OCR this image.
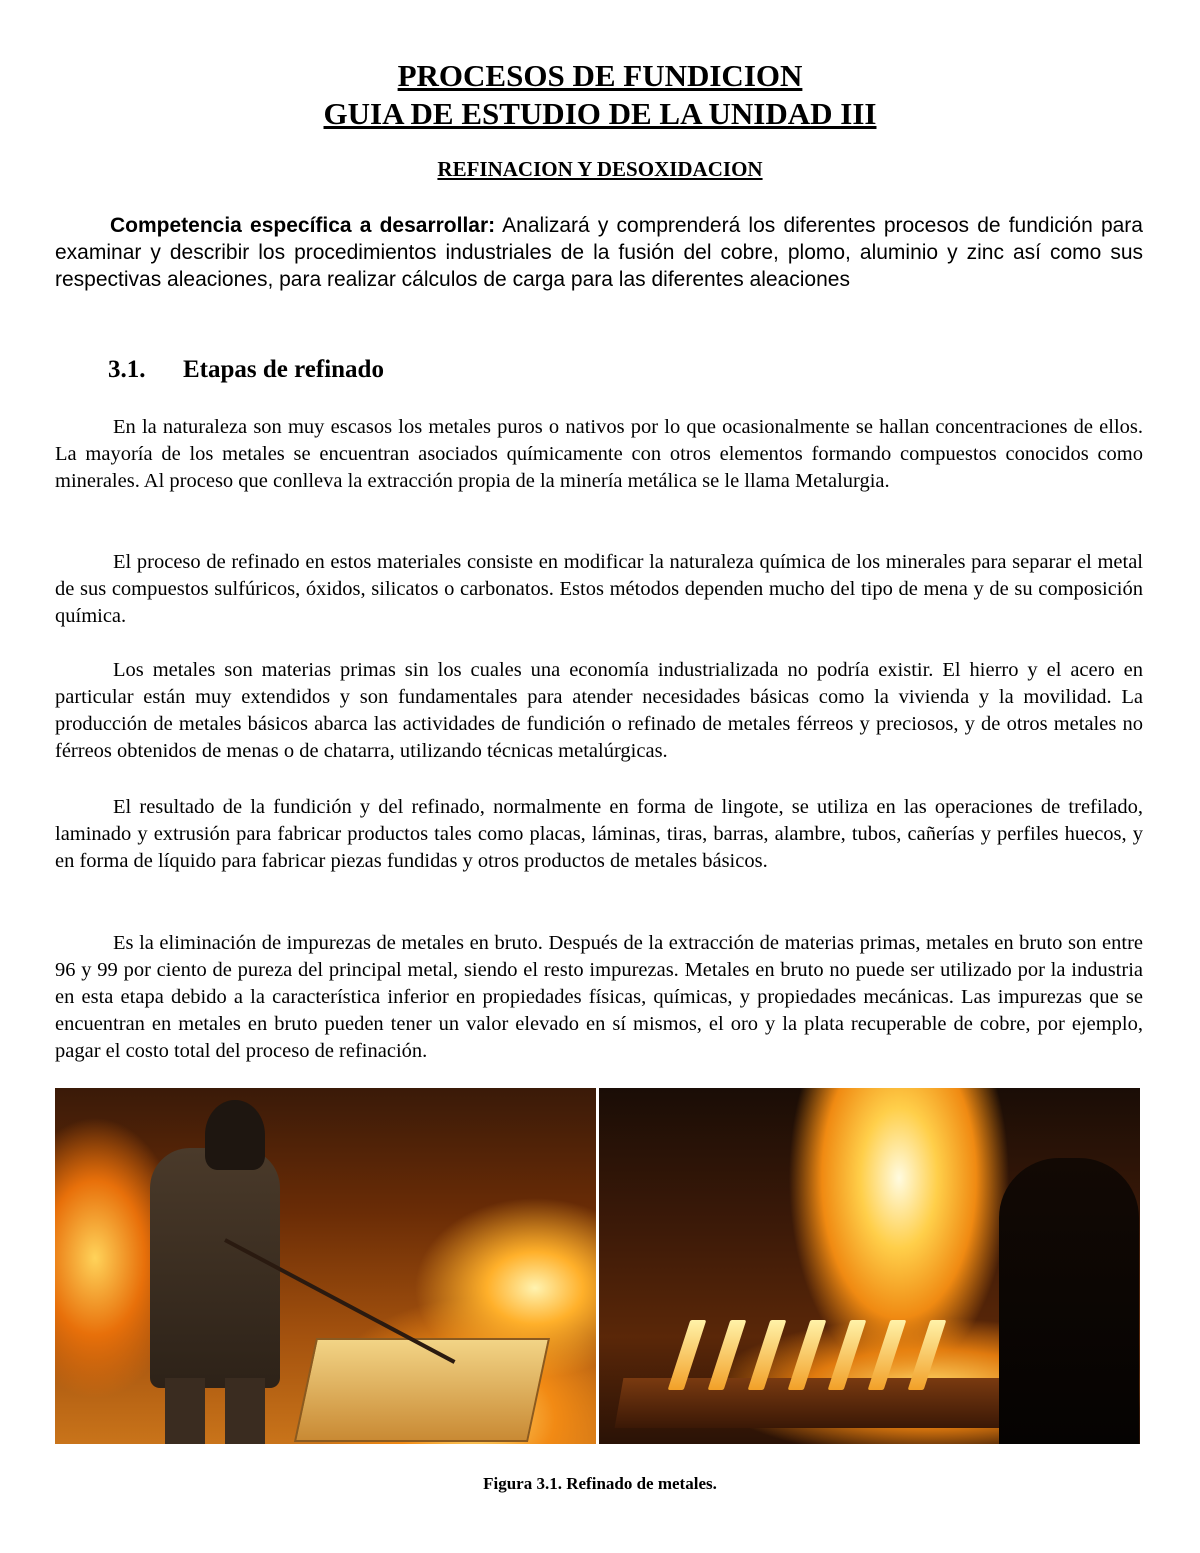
PROCESOS DE FUNDICION
GUIA DE ESTUDIO DE LA UNIDAD III
REFINACION Y DESOXIDACION
Competencia específica a desarrollar: Analizará y comprenderá los diferentes procesos de fundición para examinar y describir los procedimientos industriales de la fusión del cobre, plomo, aluminio y zinc así como sus respectivas aleaciones, para realizar cálculos de carga para las diferentes aleaciones
3.1. Etapas de refinado
En la naturaleza son muy escasos los metales puros o nativos por lo que ocasionalmente se hallan concentraciones de ellos. La mayoría de los metales se encuentran asociados químicamente con otros elementos formando compuestos conocidos como minerales. Al proceso que conlleva la extracción propia de la minería metálica se le llama Metalurgia.
El proceso de refinado en estos materiales consiste en modificar la naturaleza química de los minerales para separar el metal de sus compuestos sulfúricos, óxidos, silicatos o carbonatos. Estos métodos dependen mucho del tipo de mena y de su composición química.
Los metales son materias primas sin los cuales una economía industrializada no podría existir. El hierro y el acero en particular están muy extendidos y son fundamentales para atender necesidades básicas como la vivienda y la movilidad. La producción de metales básicos abarca las actividades de fundición o refinado de metales férreos y preciosos, y de otros metales no férreos obtenidos de menas o de chatarra, utilizando técnicas metalúrgicas.
El resultado de la fundición y del refinado, normalmente en forma de lingote, se utiliza en las operaciones de trefilado, laminado y extrusión para fabricar productos tales como placas, láminas, tiras, barras, alambre, tubos, cañerías y perfiles huecos, y en forma de líquido para fabricar piezas fundidas y otros productos de metales básicos.
Es la eliminación de impurezas de metales en bruto. Después de la extracción de materias primas, metales en bruto son entre 96 y 99 por ciento de pureza del principal metal, siendo el resto impurezas. Metales en bruto no puede ser utilizado por la industria en esta etapa debido a la característica inferior en propiedades físicas, químicas, y propiedades mecánicas. Las impurezas que se encuentran en metales en bruto pueden tener un valor elevado en sí mismos, el oro y la plata recuperable de cobre, por ejemplo, pagar el costo total del proceso de refinación.
Figura 3.1. Refinado de metales.
